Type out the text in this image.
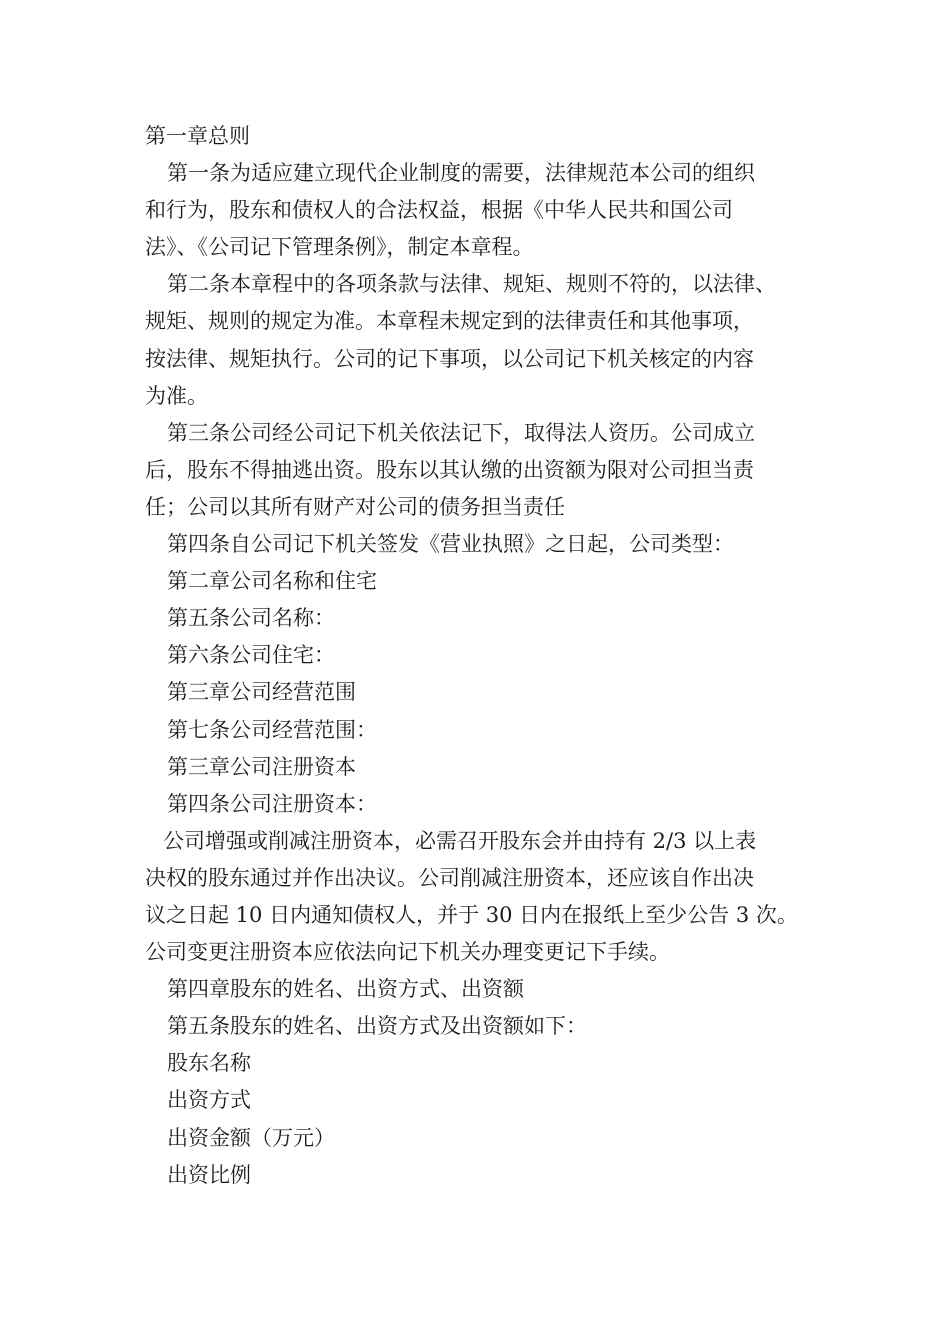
第一章总则

第一条为适应建立现代企业制度的需要，法律规范本公司的组织

和行为，股东和债权人的合法权益，根据《中华人民共和国公司

法》、《公司记下管理条例》，制定本章程。

第二条本章程中的各项条款与法律、规矩、规则不符的，以法律、

规矩、规则的规定为准。本章程未规定到的法律责任和其他事项，

按法律、规矩执行。公司的记下事项，以公司记下机关核定的内容

为准。

第三条公司经公司记下机关依法记下，取得法人资历。公司成立

后，股东不得抽逃出资。股东以其认缴的出资额为限对公司担当责

任；公司以其所有财产对公司的债务担当责任

第四条自公司记下机关签发《营业执照》之日起，公司类型：

第二章公司名称和住宅

第五条公司名称：

第六条公司住宅：

第三章公司经营范围

第七条公司经营范围：

第三章公司注册资本

第四条公司注册资本：

公司增强或削减注册资本，必需召开股东会并由持有 2/3 以上表

决权的股东通过并作出决议。公司削减注册资本，还应该自作出决

议之日起 10 日内通知债权人，并于 30 日内在报纸上至少公告 3 次。

公司变更注册资本应依法向记下机关办理变更记下手续。

第四章股东的姓名、出资方式、出资额

第五条股东的姓名、出资方式及出资额如下：

股东名称

出资方式

出资金额（万元）

出资比例
